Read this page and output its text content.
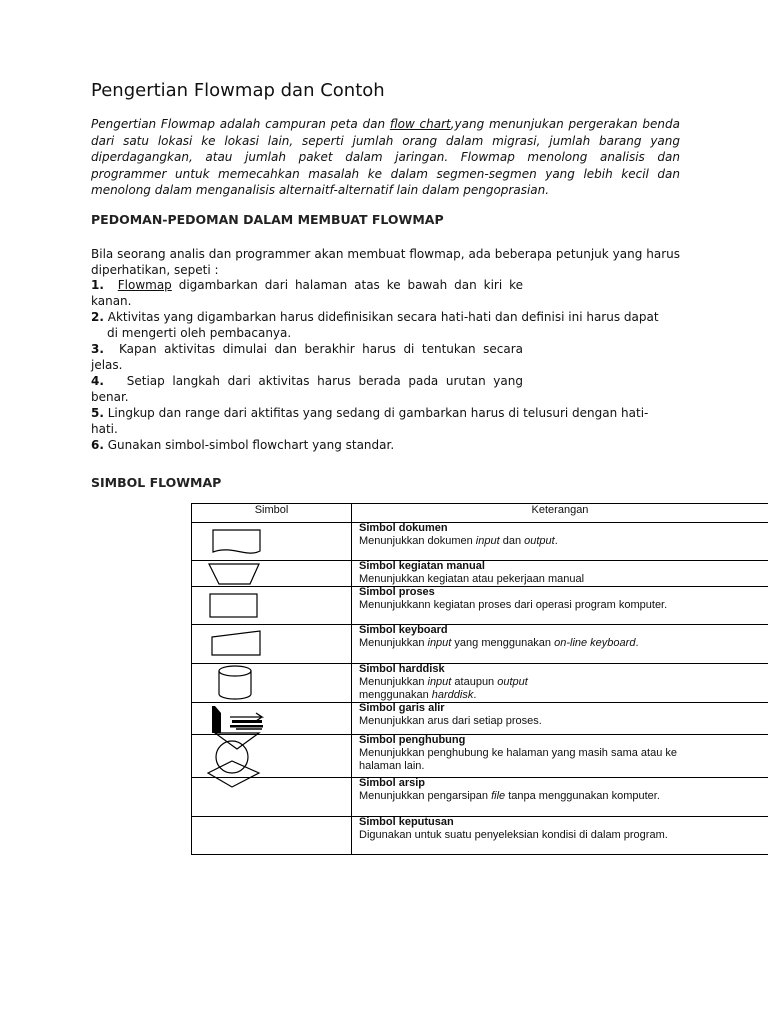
Pengertian Flowmap dan Contoh
Pengertian Flowmap adalah campuran peta dan flow chart,yang menunjukan pergerakan benda dari satu lokasi ke lokasi lain, seperti jumlah orang dalam migrasi, jumlah barang yang diperdagangkan, atau jumlah paket dalam jaringan. Flowmap menolong analisis dan programmer untuk memecahkan masalah ke dalam segmen-segmen yang lebih kecil dan menolong dalam menganalisis alternaitf-alternatif lain dalam pengoprasian.
PEDOMAN-PEDOMAN DALAM MEMBUAT FLOWMAP
Bila seorang analis dan programmer akan membuat flowmap, ada beberapa petunjuk yang harus diperhatikan, sepeti :
1. Flowmap digambarkan dari halaman atas ke bawah dan kiri ke
kanan.
2. Aktivitas yang digambarkan harus didefinisikan secara hati-hati dan definisi ini harus dapat
di mengerti oleh pembacanya.
3. Kapan aktivitas dimulai dan berakhir harus di tentukan secara
jelas.
4. Setiap langkah dari aktivitas harus berada pada urutan yang
benar.
5. Lingkup dan range dari aktifitas yang sedang di gambarkan harus di telusuri dengan hati-
hati.
6. Gunakan simbol-simbol flowchart yang standar.
SIMBOL FLOWMAP
Simbol	Keterangan

Simbol dokumen
Menunjukkan dokumen input dan output.

Simbol kegiatan manual
Menunjukkan kegiatan atau pekerjaan manual

Simbol proses
Menunjukkann kegiatan proses dari operasi program komputer.

Simbol keyboard
Menunjukkan input yang menggunakan on-line keyboard.

Simbol harddisk
Menunjukkan input ataupun output
menggunakan harddisk.

Simbol garis alir
Menunjukkan arus dari setiap proses.

Simbol penghubung
Menunjukkan penghubung ke halaman yang masih sama atau ke
halaman lain.

Simbol arsip
Menunjukkan pengarsipan file tanpa menggunakan komputer.

Simbol keputusan
Digunakan untuk suatu penyeleksian kondisi di dalam program.
